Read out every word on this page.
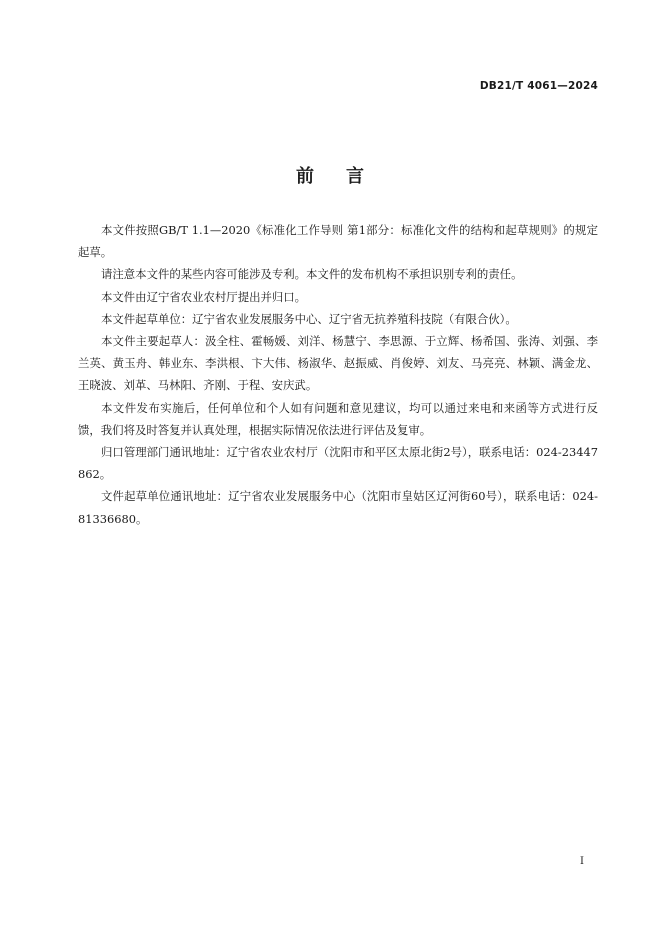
DB21/T 4061—2024
前 言

本文件按照GB/T 1.1—2020《标准化工作导则 第1部分：标准化文件的结构和起草规则》的规定起草。

请注意本文件的某些内容可能涉及专利。本文件的发布机构不承担识别专利的责任。

本文件由辽宁省农业农村厅提出并归口。

本文件起草单位：辽宁省农业发展服务中心、辽宁省无抗养殖科技院（有限合伙）。

本文件主要起草人：汲全柱、霍畅媛、刘洋、杨慧宁、李思源、于立辉、杨希国、张涛、刘强、李兰英、黄玉舟、韩业东、李洪根、卞大伟、杨淑华、赵振威、肖俊婷、刘友、马亮亮、林颖、满金龙、王晓波、刘革、马林阳、齐刚、于程、安庆武。

本文件发布实施后，任何单位和个人如有问题和意见建议，均可以通过来电和来函等方式进行反馈，我们将及时答复并认真处理，根据实际情况依法进行评估及复审。

归口管理部门通讯地址：辽宁省农业农村厅（沈阳市和平区太原北街2号），联系电话：024-23447862。

文件起草单位通讯地址：辽宁省农业发展服务中心（沈阳市皇姑区辽河街60号），联系电话：024-81336680。

I
